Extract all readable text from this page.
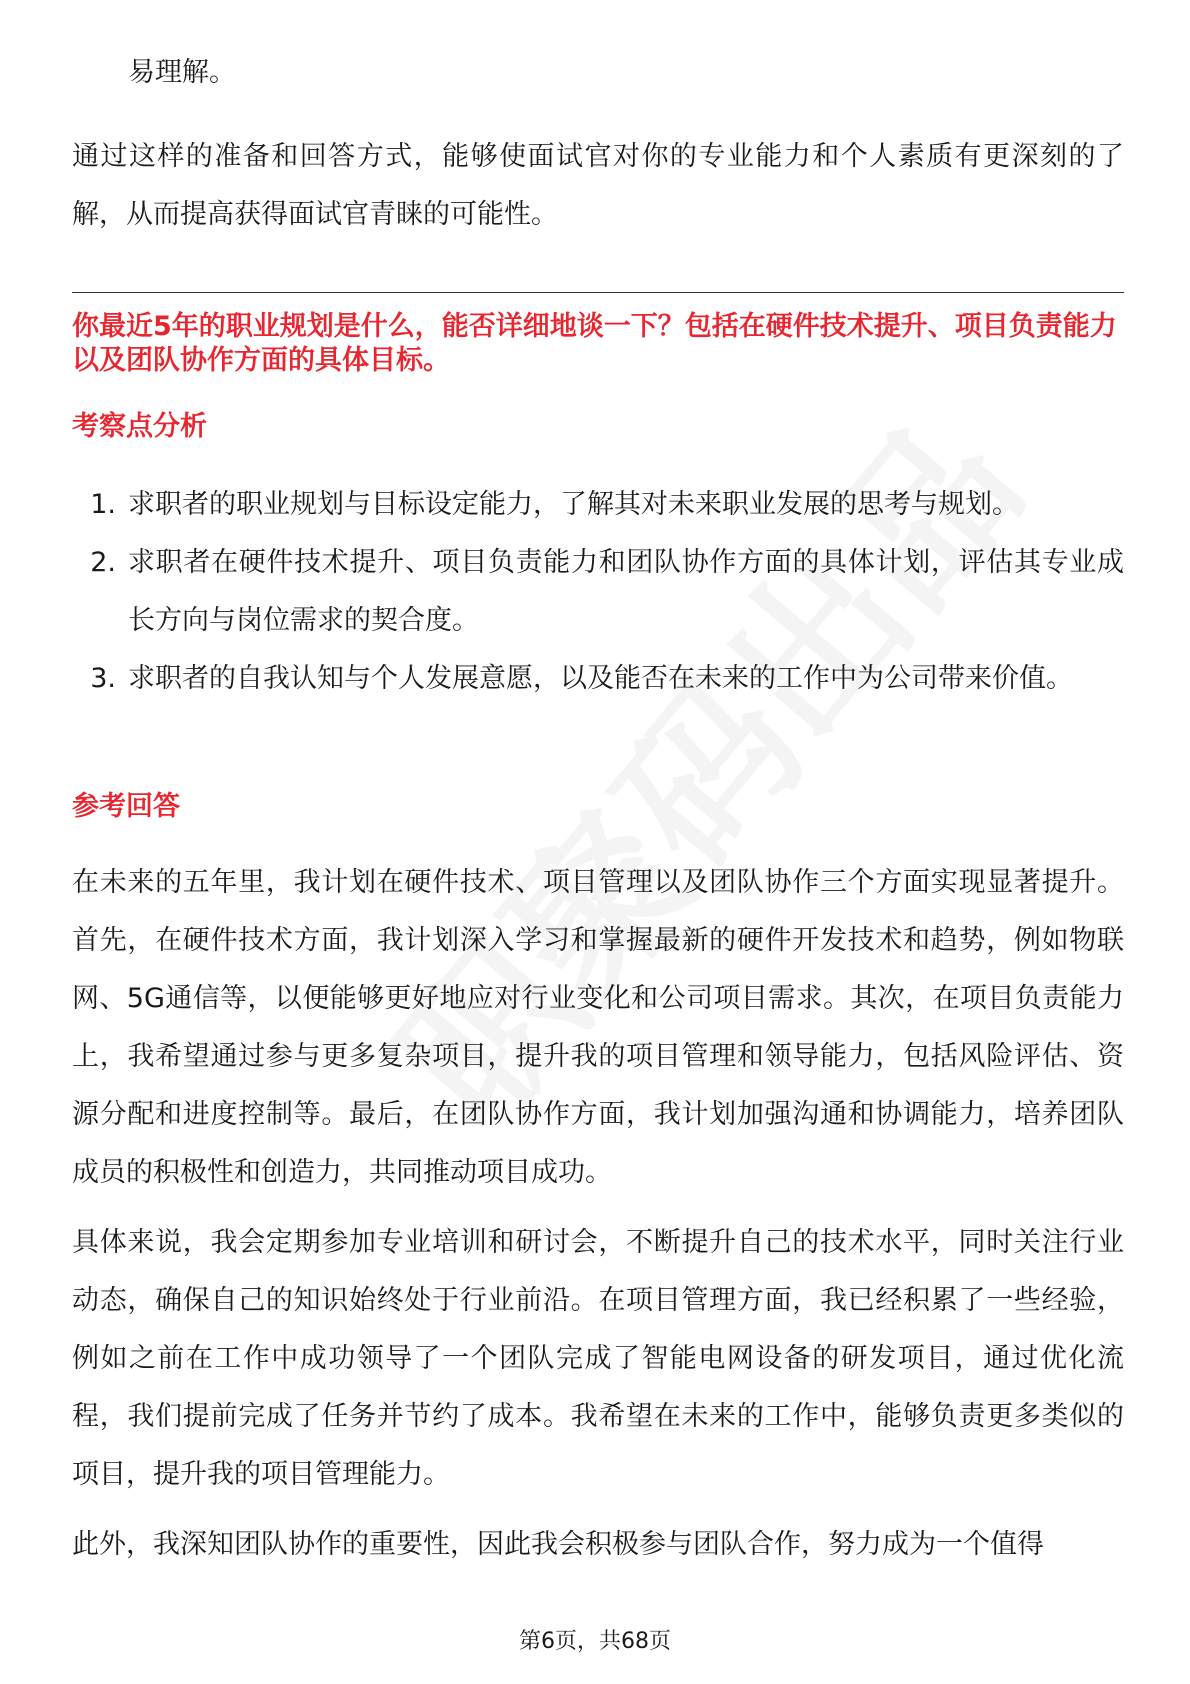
易理解。

通过这样的准备和回答方式，能够使面试官对你的专业能力和个人素质有更深刻的了解，从而提高获得面试官青睐的可能性。

你最近5年的职业规划是什么，能否详细地谈一下？包括在硬件技术提升、项目负责能力以及团队协作方面的具体目标。

考察点分析

1. 求职者的职业规划与目标设定能力，了解其对未来职业发展的思考与规划。
2. 求职者在硬件技术提升、项目负责能力和团队协作方面的具体计划，评估其专业成长方向与岗位需求的契合度。
3. 求职者的自我认知与个人发展意愿，以及能否在未来的工作中为公司带来价值。

参考回答

在未来的五年里，我计划在硬件技术、项目管理以及团队协作三个方面实现显著提升。首先，在硬件技术方面，我计划深入学习和掌握最新的硬件开发技术和趋势，例如物联网、5G通信等，以便能够更好地应对行业变化和公司项目需求。其次，在项目负责能力上，我希望通过参与更多复杂项目，提升我的项目管理和领导能力，包括风险评估、资源分配和进度控制等。最后，在团队协作方面，我计划加强沟通和协调能力，培养团队成员的积极性和创造力，共同推动项目成功。

具体来说，我会定期参加专业培训和研讨会，不断提升自己的技术水平，同时关注行业动态，确保自己的知识始终处于行业前沿。在项目管理方面，我已经积累了一些经验，例如之前在工作中成功领导了一个团队完成了智能电网设备的研发项目，通过优化流程，我们提前完成了任务并节约了成本。我希望在未来的工作中，能够负责更多类似的项目，提升我的项目管理能力。

此外，我深知团队协作的重要性，因此我会积极参与团队合作，努力成为一个值得

第6页，共68页
